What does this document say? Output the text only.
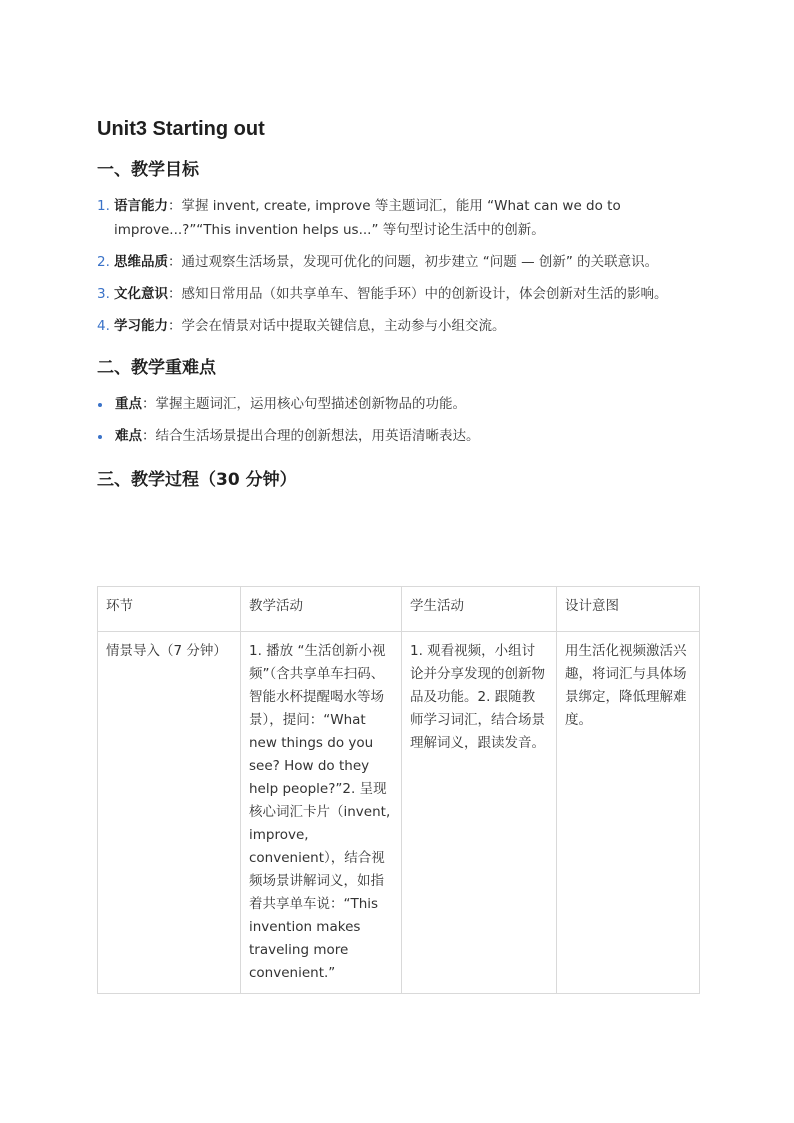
Unit3 Starting out
一、教学目标
1. 语言能力：掌握 invent, create, improve 等主题词汇，能用 “What can we do to improve...?”“This invention helps us...” 等句型讨论生活中的创新。
2. 思维品质：通过观察生活场景，发现可优化的问题，初步建立 “问题 — 创新” 的关联意识。
3. 文化意识：感知日常用品（如共享单车、智能手环）中的创新设计，体会创新对生活的影响。
4. 学习能力：学会在情景对话中提取关键信息，主动参与小组交流。
二、教学重难点
重点：掌握主题词汇，运用核心句型描述创新物品的功能。
难点：结合生活场景提出合理的创新想法，用英语清晰表达。
三、教学过程（30 分钟）
环节	教学活动	学生活动	设计意图
情景导入（7 分钟）	1. 播放 “生活创新小视频”（含共享单车扫码、智能水杯提醒喝水等场景），提问：“What new things do you see? How do they help people?”2. 呈现核心词汇卡片（invent, improve, convenient），结合视频场景讲解词义，如指着共享单车说：“This invention makes traveling more convenient.”	1. 观看视频，小组讨论并分享发现的创新物品及功能。2. 跟随教师学习词汇，结合场景理解词义，跟读发音。	用生活化视频激活兴趣，将词汇与具体场景绑定，降低理解难度。
